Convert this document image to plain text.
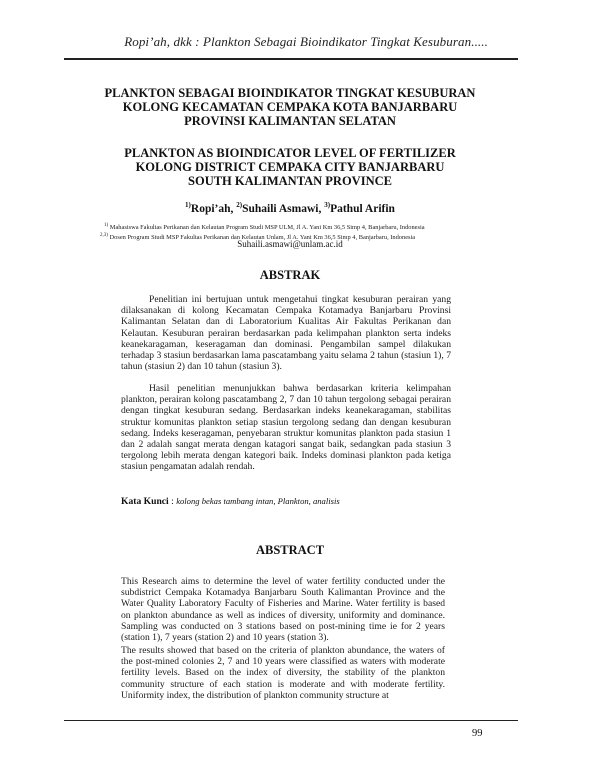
Ropi’ah, dkk : Plankton Sebagai Bioindikator Tingkat Kesuburan.....
PLANKTON SEBAGAI BIOINDIKATOR TINGKAT KESUBURAN
KOLONG KECAMATAN CEMPAKA KOTA BANJARBARU
PROVINSI KALIMANTAN SELATAN
PLANKTON AS BIOINDICATOR LEVEL OF FERTILIZER
KOLONG DISTRICT CEMPAKA CITY BANJARBARU
SOUTH KALIMANTAN PROVINCE
$^{1)}$Ropi’ah, $^{2)}$Suhaili Asmawi, $^{3)}$Pathul Arifin
$^{1)}$ Mahasiswa Fakultas Perikanan dan Kelautan Program Studi MSP ULM, Jl A. Yani Km 36,5 Simp 4, Banjarbaru, Indonesia
$^{2,3)}$ Dosen Program Studi MSP Fakultas Perikanan dan Kelautan Unlam, Jl A. Yani Km 36,5 Simp 4, Banjarbaru, Indonesia
Suhaili.asmawi@unlam.ac.id
ABSTRAK
Penelitian ini bertujuan untuk mengetahui tingkat kesuburan perairan yang dilaksanakan di kolong Kecamatan Cempaka Kotamadya Banjarbaru Provinsi Kalimantan Selatan dan di Laboratorium Kualitas Air Fakultas Perikanan dan Kelautan. Kesuburan perairan berdasarkan pada kelimpahan plankton serta indeks keanekaragaman, keseragaman dan dominasi. Pengambilan sampel dilakukan terhadap 3 stasiun berdasarkan lama pascatambang yaitu selama 2 tahun (stasiun 1), 7 tahun (stasiun 2) dan 10 tahun (stasiun 3).
Hasil penelitian menunjukkan bahwa berdasarkan kriteria kelimpahan plankton, perairan kolong pascatambang 2, 7 dan 10 tahun tergolong sebagai perairan dengan tingkat kesuburan sedang. Berdasarkan indeks keanekaragaman, stabilitas struktur komunitas plankton setiap stasiun tergolong sedang dan dengan kesuburan sedang. Indeks keseragaman, penyebaran struktur komunitas plankton pada stasiun 1 dan 2 adalah sangat merata dengan katagori sangat baik, sedangkan pada stasiun 3 tergolong lebih merata dengan kategori baik. Indeks dominasi plankton pada ketiga stasiun pengamatan adalah rendah.
Kata Kunci : kolong bekas tambang intan, Plankton, analisis
ABSTRACT
This Research aims to determine the level of water fertility conducted under the subdistrict Cempaka Kotamadya Banjarbaru South Kalimantan Province and the Water Quality Laboratory Faculty of Fisheries and Marine. Water fertility is based on plankton abundance as well as indices of diversity, uniformity and dominance. Sampling was conducted on 3 stations based on post-mining time ie for 2 years (station 1), 7 years (station 2) and 10 years (station 3).
The results showed that based on the criteria of plankton abundance, the waters of the post-mined colonies 2, 7 and 10 years were classified as waters with moderate fertility levels. Based on the index of diversity, the stability of the plankton community structure of each station is moderate and with moderate fertility. Uniformity index, the distribution of plankton community structure at
99
